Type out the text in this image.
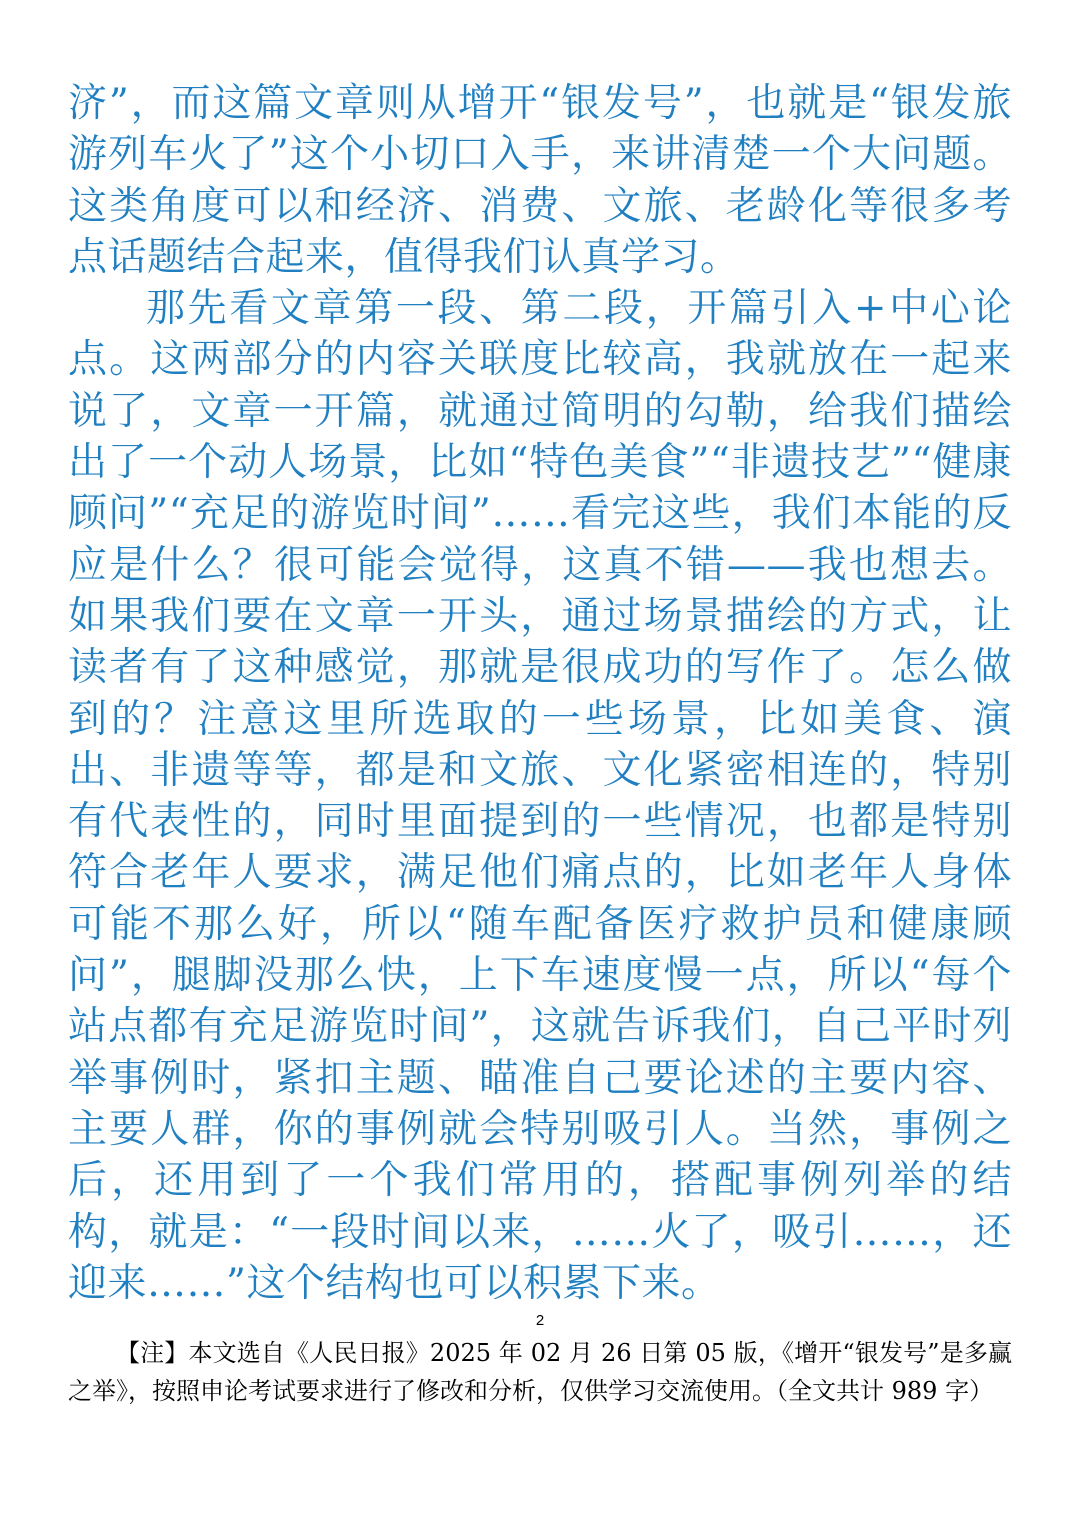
济”，而这篇文章则从增开“银发号”，也就是“银发旅游列车火了”这个小切口入手，来讲清楚一个大问题。这类角度可以和经济、消费、文旅、老龄化等很多考点话题结合起来，值得我们认真学习。

那先看文章第一段、第二段，开篇引入+中心论点。这两部分的内容关联度比较高，我就放在一起来说了，文章一开篇，就通过简明的勾勒，给我们描绘出了一个动人场景，比如“特色美食”“非遗技艺”“健康顾问”“充足的游览时间”……看完这些，我们本能的反应是什么？很可能会觉得，这真不错——我也想去。如果我们要在文章一开头，通过场景描绘的方式，让读者有了这种感觉，那就是很成功的写作了。怎么做到的？注意这里所选取的一些场景，比如美食、演出、非遗等等，都是和文旅、文化紧密相连的，特别有代表性的，同时里面提到的一些情况，也都是特别符合老年人要求，满足他们痛点的，比如老年人身体可能不那么好，所以“随车配备医疗救护员和健康顾问”，腿脚没那么快，上下车速度慢一点，所以“每个站点都有充足游览时间”，这就告诉我们，自己平时列举事例时，紧扣主题、瞄准自己要论述的主要内容、主要人群，你的事例就会特别吸引人。当然，事例之后，还用到了一个我们常用的，搭配事例列举的结构，就是：“一段时间以来，……火了，吸引……，还迎来……”这个结构也可以积累下来。

2
【注】本文选自《人民日报》2025 年 02 月 26 日第 05 版，《增开“银发号”是多赢之举》，按照申论考试要求进行了修改和分析，仅供学习交流使用。（全文共计 989 字）
